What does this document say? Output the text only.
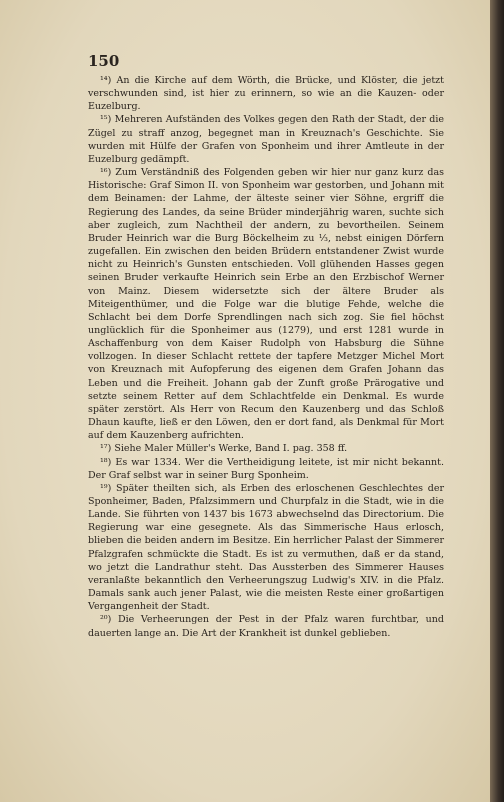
150

¹⁴) An die Kirche auf dem Wörth, die Brücke, und Klöster, die jetzt verschwunden sind, ist hier zu erinnern, so wie an die Kauzen- oder Euzelburg.

¹⁵) Mehreren Aufständen des Volkes gegen den Rath der Stadt, der die Zügel zu straff anzog, begegnet man in Kreuznach's Geschichte. Sie wurden mit Hülfe der Grafen von Sponheim und ihrer Amtleute in der Euzelburg gedämpft.

¹⁶) Zum Verständniß des Folgenden geben wir hier nur ganz kurz das Historische: Graf Simon II. von Sponheim war gestorben, und Johann mit dem Beinamen: der Lahme, der älteste seiner vier Söhne, ergriff die Regierung des Landes, da seine Brüder minderjährig waren, suchte sich aber zugleich, zum Nachtheil der andern, zu bevortheilen. Seinem Bruder Heinrich war die Burg Böckelheim zu ⅓, nebst einigen Dörfern zugefallen. Ein zwischen den beiden Brüdern entstandener Zwist wurde nicht zu Heinrich's Gunsten entschieden. Voll glühenden Hasses gegen seinen Bruder verkaufte Heinrich sein Erbe an den Erzbischof Werner von Mainz. Diesem widersetzte sich der ältere Bruder als Miteigenthümer, und die Folge war die blutige Fehde, welche die Schlacht bei dem Dorfe Sprendlingen nach sich zog. Sie fiel höchst unglücklich für die Sponheimer aus (1279), und erst 1281 wurde in Aschaffenburg von dem Kaiser Rudolph von Habsburg die Sühne vollzogen. In dieser Schlacht rettete der tapfere Metzger Michel Mort von Kreuznach mit Aufopferung des eigenen dem Grafen Johann das Leben und die Freiheit. Johann gab der Zunft große Prärogative und setzte seinem Retter auf dem Schlachtfelde ein Denkmal. Es wurde später zerstört. Als Herr von Recum den Kauzenberg und das Schloß Dhaun kaufte, ließ er den Löwen, den er dort fand, als Denkmal für Mort auf dem Kauzenberg aufrichten.

¹⁷) Siehe Maler Müller's Werke, Band I. pag. 358 ff.

¹⁸) Es war 1334. Wer die Vertheidigung leitete, ist mir nicht bekannt. Der Graf selbst war in seiner Burg Sponheim.

¹⁹) Später theilten sich, als Erben des erloschenen Geschlechtes der Sponheimer, Baden, Pfalzsimmern und Churpfalz in die Stadt, wie in die Lande. Sie führten von 1437 bis 1673 abwechselnd das Directorium. Die Regierung war eine gesegnete. Als das Simmerische Haus erlosch, blieben die beiden andern im Besitze. Ein herrlicher Palast der Simmerer Pfalzgrafen schmückte die Stadt. Es ist zu vermuthen, daß er da stand, wo jetzt die Landrathur steht. Das Aussterben des Simmerer Hauses veranlaßte bekanntlich den Verheerungszug Ludwig's XIV. in die Pfalz. Damals sank auch jener Palast, wie die meisten Reste einer großartigen Vergangenheit der Stadt.

²⁰) Die Verheerungen der Pest in der Pfalz waren furchtbar, und dauerten lange an. Die Art der Krankheit ist dunkel geblieben.
